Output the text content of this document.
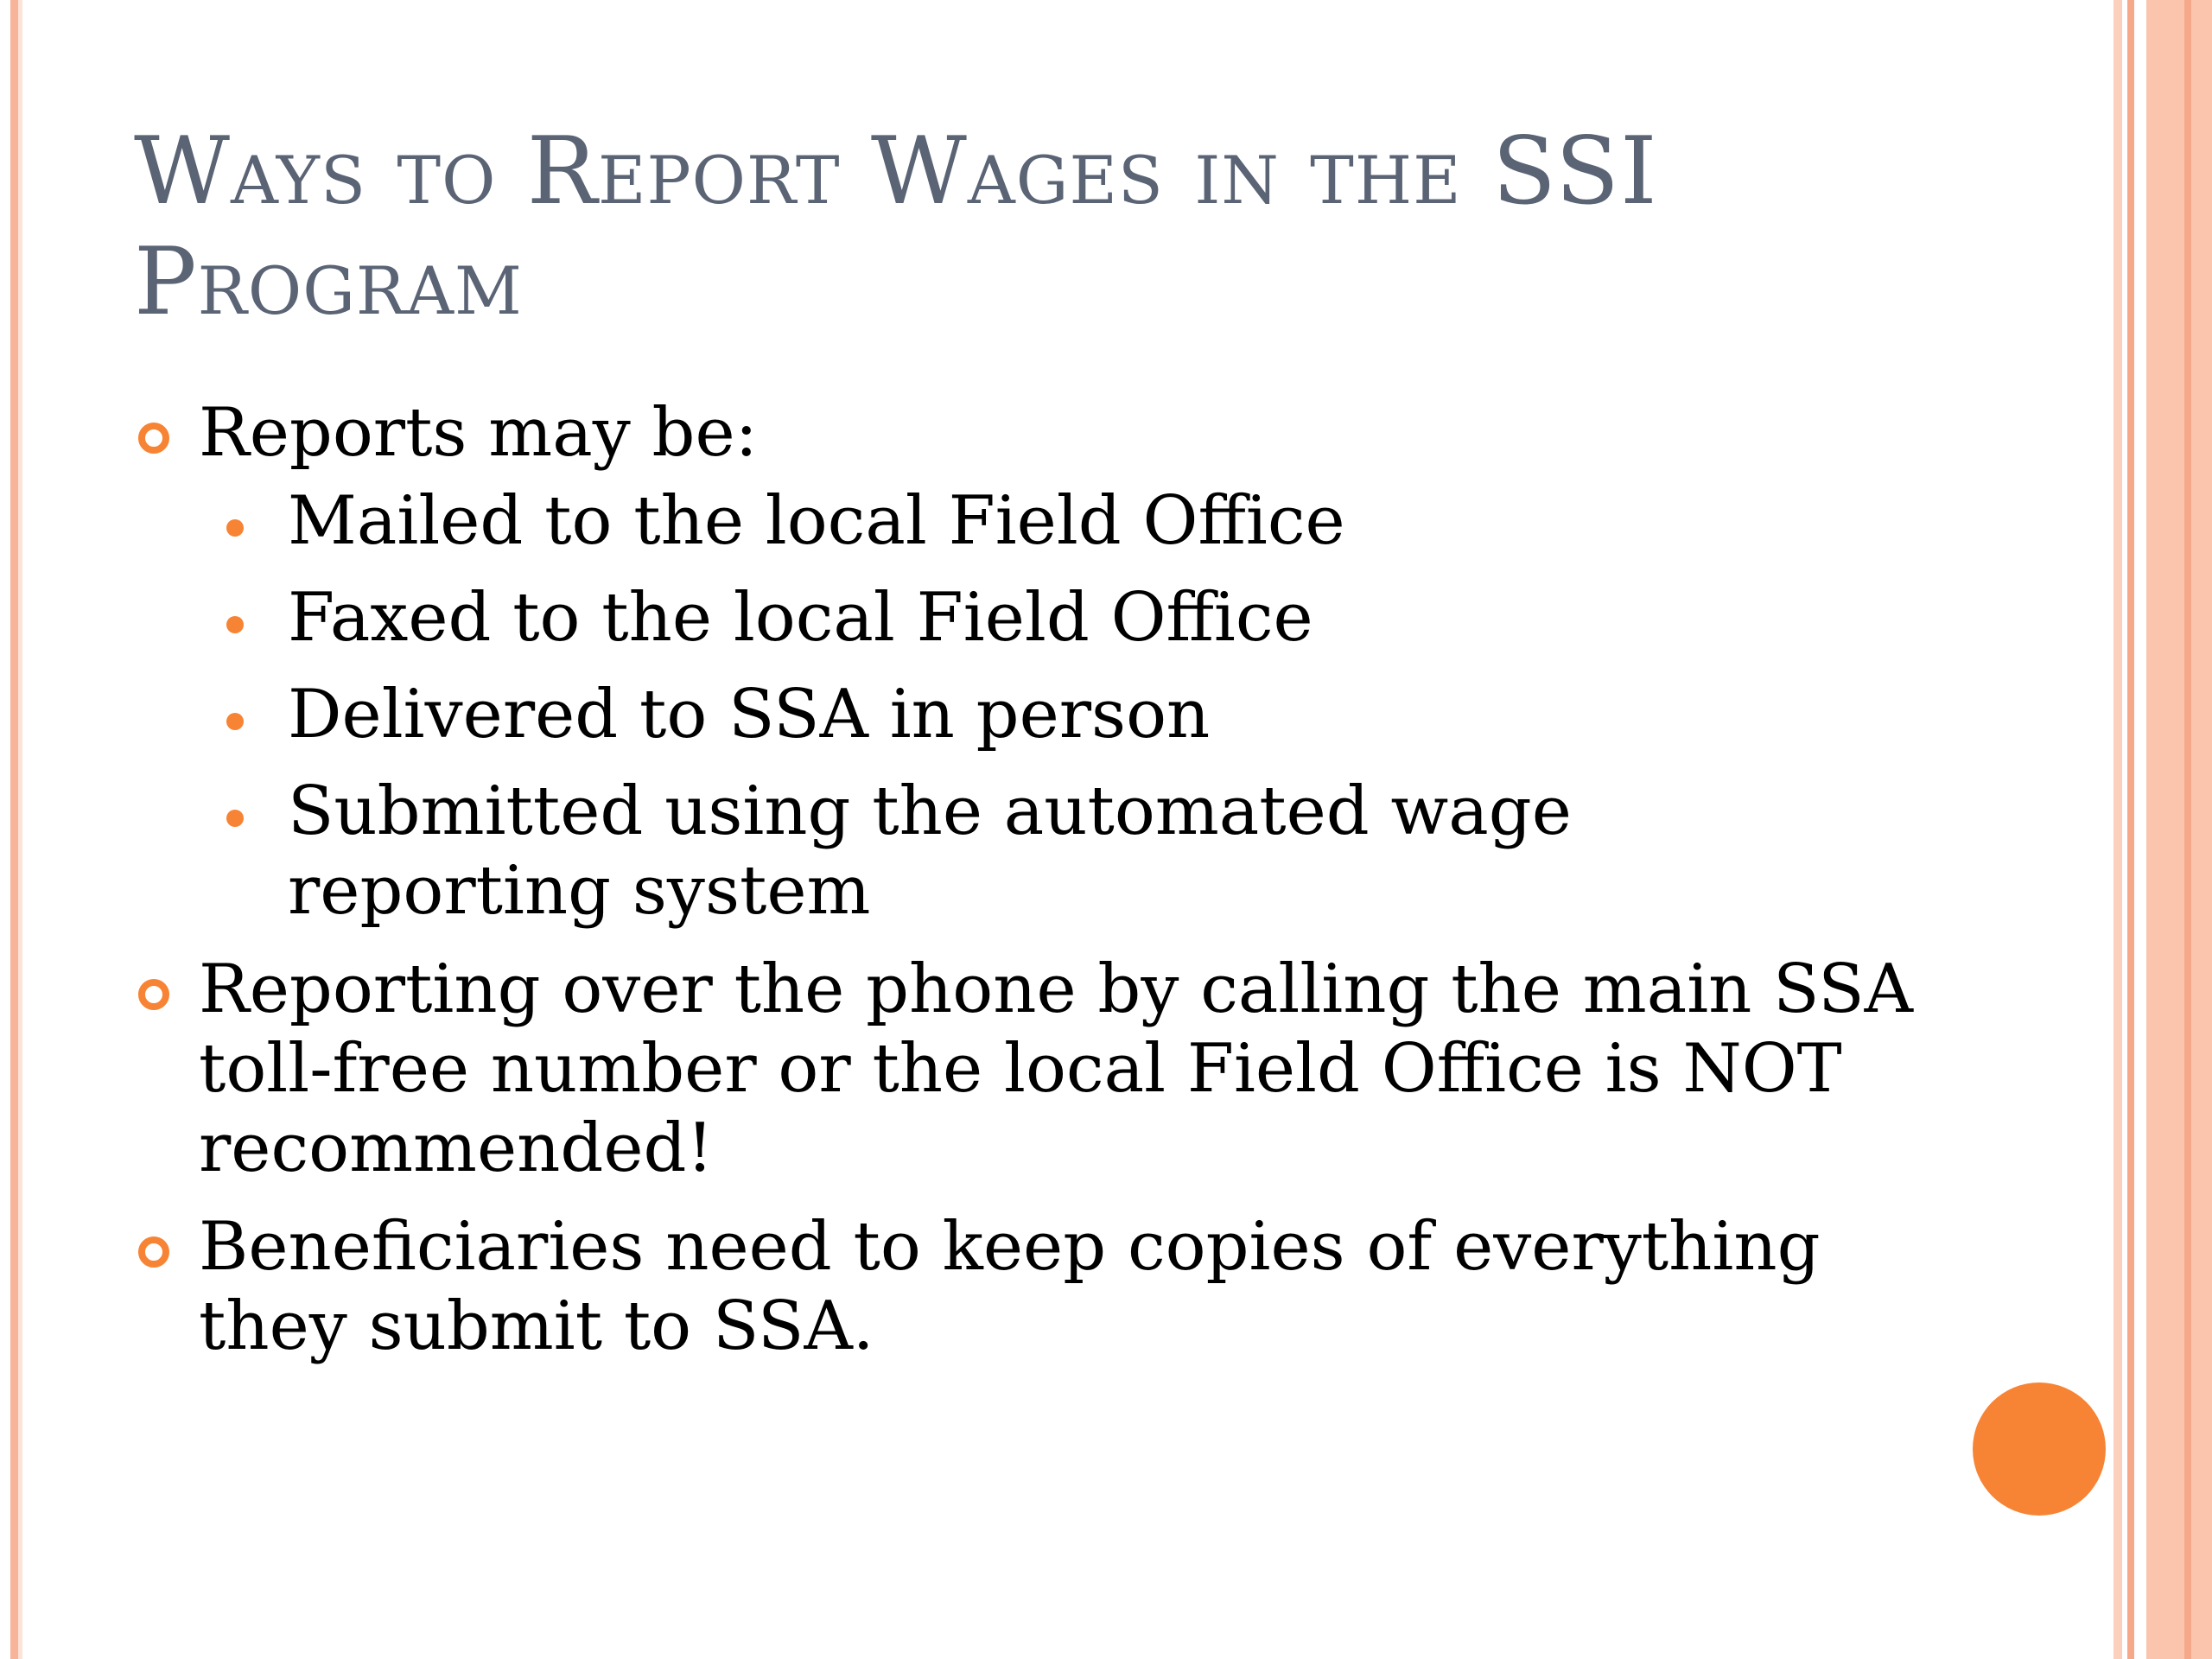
Ways to Report Wages in the SSI Program
Reports may be:
Mailed to the local Field Office
Faxed to the local Field Office
Delivered to SSA in person
Submitted using the automated wage reporting system
Reporting over the phone by calling the main SSA toll-free number or the local Field Office is NOT recommended!
Beneficiaries need to keep copies of everything they submit to SSA.
